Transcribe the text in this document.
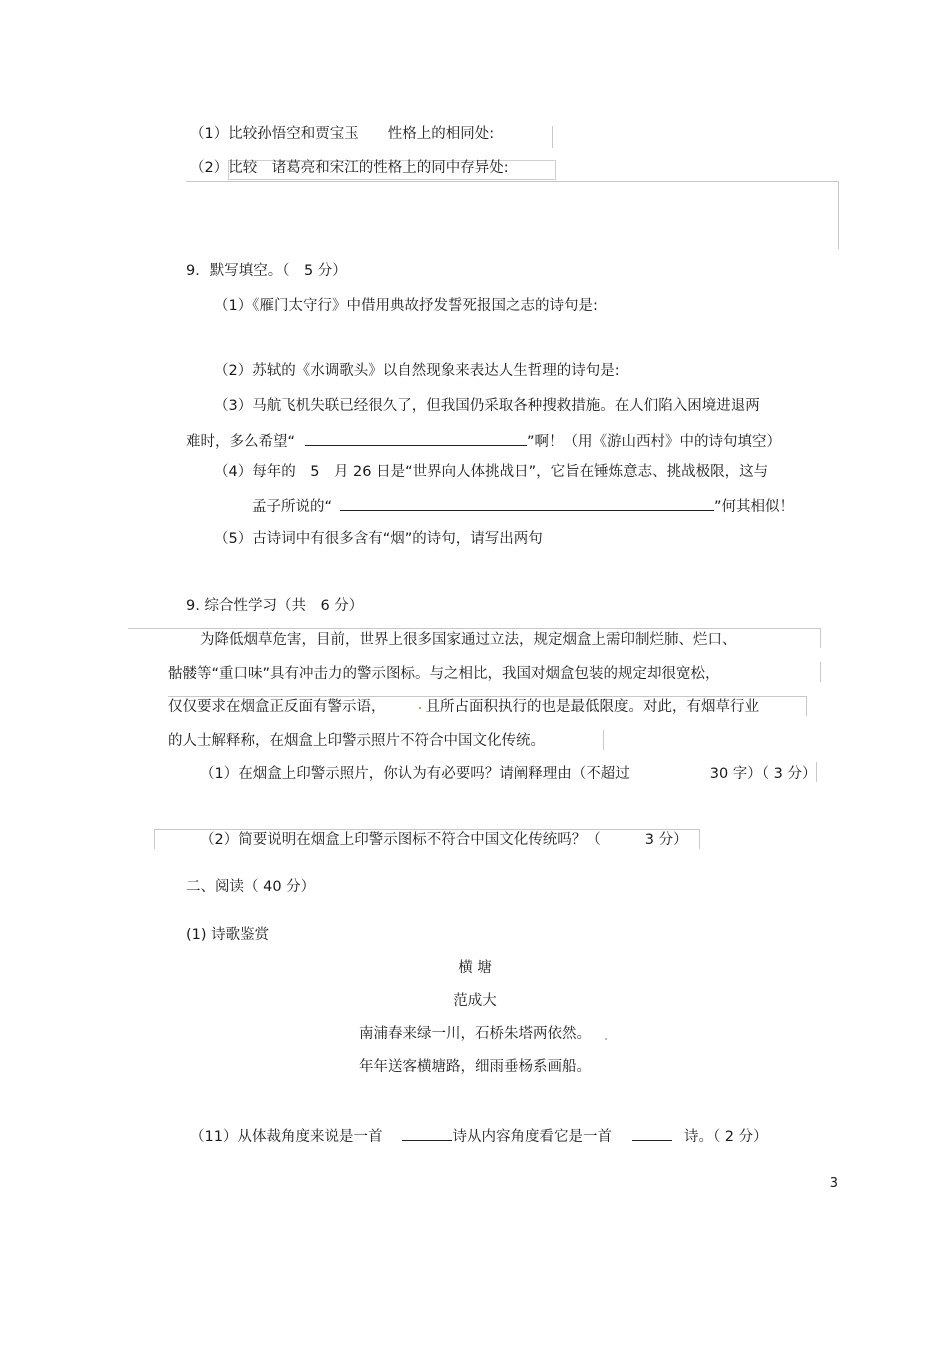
（1）比较孙悟空和贾宝玉　　性格上的相同处:
（2）比较　诸葛亮和宋江的性格上的同中存异处:
9．默写填空。（　5 分）
（1）《雁门太守行》中借用典故抒发誓死报国之志的诗句是:
（2）苏轼的《水调歌头》以自然现象来表达人生哲理的诗句是:
（3）马航飞机失联已经很久了，但我国仍采取各种搜救措施。在人们陷入困境进退两
难时，多么希望“	”啊！（用《游山西村》中的诗句填空）
（4）每年的　5　月 26 日是“世界向人体挑战日”，它旨在锤炼意志、挑战极限，这与
孟子所说的“	”何其相似！
（5）古诗词中有很多含有“烟”的诗句，请写出两句
9. 综合性学习（共　6 分）
为降低烟草危害，目前，世界上很多国家通过立法，规定烟盒上需印制烂肺、烂口、
骷髅等“重口味”具有冲击力的警示图标。与之相比，我国对烟盒包装的规定却很宽松，
仅仅要求在烟盒正反面有警示语，	且所占面积执行的也是最低限度。对此，有烟草行业
的人士解释称，在烟盒上印警示照片不符合中国文化传统。
（1）在烟盒上印警示照片，你认为有必要吗？请阐释理由（不超过	30 字）（ 3 分）
（2）简要说明在烟盒上印警示图标不符合中国文化传统吗？（	3 分）
二、阅读（ 40 分）
(1) 诗歌鉴赏
横 塘
范成大
南浦春来绿一川，石桥朱塔两依然。
年年送客横塘路，细雨垂杨系画船。
（11）从体裁角度来说是一首	诗从内容角度看它是一首	诗。（ 2 分）
3
